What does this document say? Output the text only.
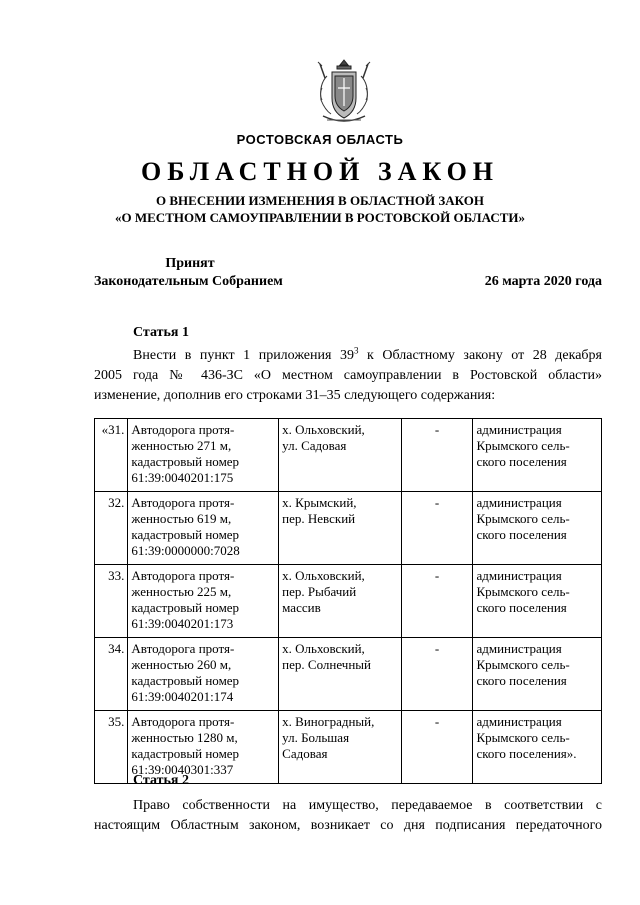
РОСТОВСКАЯ ОБЛАСТЬ
ОБЛАСТНОЙ ЗАКОН
О ВНЕСЕНИИ ИЗМЕНЕНИЯ В ОБЛАСТНОЙ ЗАКОН
«О МЕСТНОМ САМОУПРАВЛЕНИИ В РОСТОВСКОЙ ОБЛАСТИ»
Принят
Законодательным Собранием	26 марта 2020 года
Статья 1
Внести в пункт 1 приложения $39^3$ к Областному закону от 28 декабря
2005 года № 436-ЗС «О местном самоуправлении в Ростовской области»
изменение, дополнив его строками 31–35 следующего содержания:
«31.	Автодорога протя-
женностью 271 м,
кадастровый номер
61:39:0040201:175	х. Ольховский,
ул. Садовая	-	администрация
Крымского сель-
ского поселения

32.	Автодорога протя-
женностью 619 м,
кадастровый номер
61:39:0000000:7028	х. Крымский,
пер. Невский	-	администрация
Крымского сель-
ского поселения

33.	Автодорога протя-
женностью 225 м,
кадастровый номер
61:39:0040201:173	х. Ольховский,
пер. Рыбачий
массив	-	администрация
Крымского сель-
ского поселения

34.	Автодорога протя-
женностью 260 м,
кадастровый номер
61:39:0040201:174	х. Ольховский,
пер. Солнечный	-	администрация
Крымского сель-
ского поселения

35.	Автодорога протя-
женностью 1280 м,
кадастровый номер
61:39:0040301:337	х. Виноградный,
ул. Большая
Садовая	-	администрация
Крымского сель-
ского поселения».
Статья 2
Право собственности на имущество, передаваемое в соответствии с
настоящим Областным законом, возникает со дня подписания передаточного
